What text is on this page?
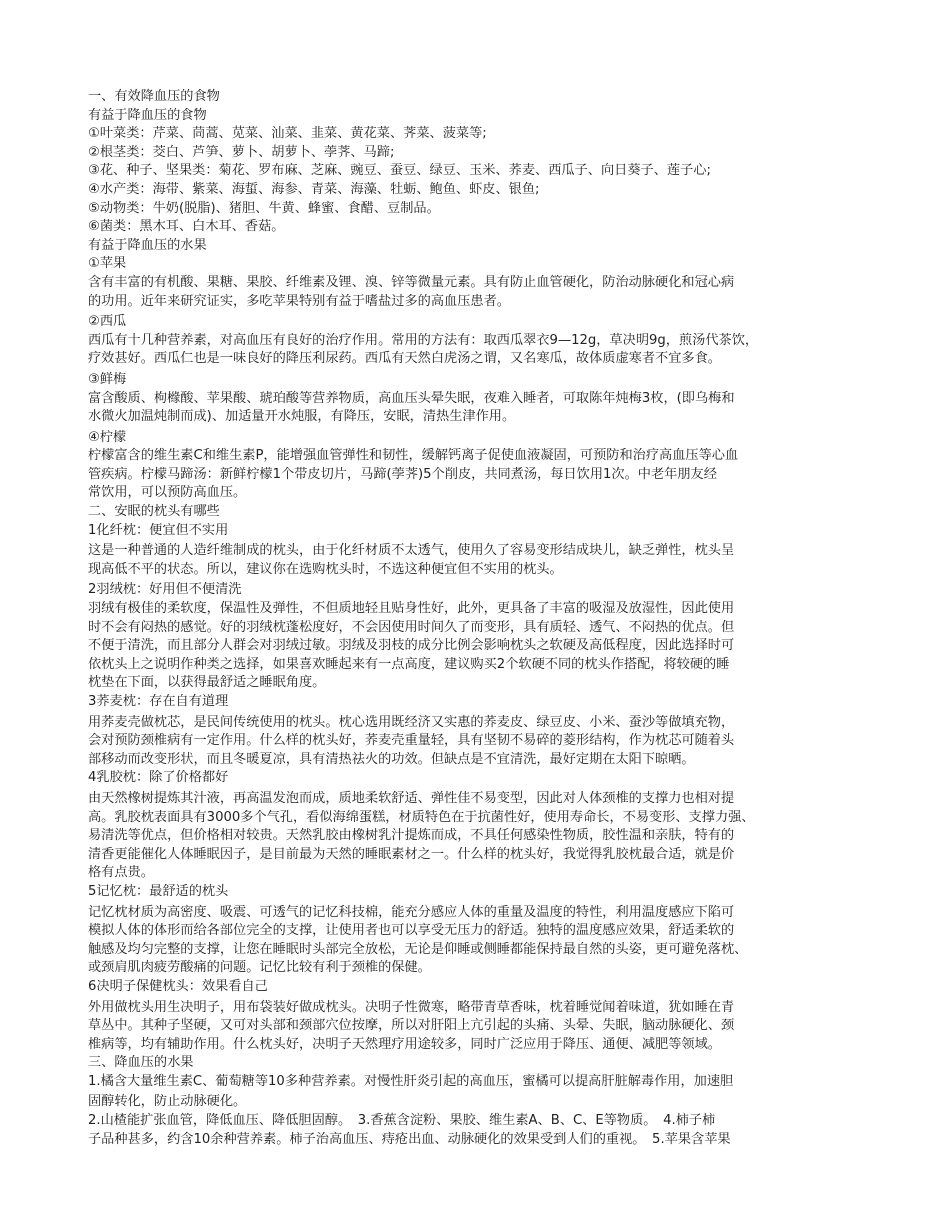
一、有效降血压的食物
有益于降血压的食物
①叶菜类：芹菜、茼蒿、苋菜、汕菜、韭菜、黄花菜、荠菜、菠菜等;
②根茎类：茭白、芦笋、萝卜、胡萝卜、荸荠、马蹄;
③花、种子、坚果类：菊花、罗布麻、芝麻、豌豆、蚕豆、绿豆、玉米、荞麦、西瓜子、向日葵子、莲子心;
④水产类：海带、紫菜、海蜇、海参、青菜、海藻、牡蛎、鲍鱼、虾皮、银鱼;
⑤动物类：牛奶(脱脂)、猪胆、牛黄、蜂蜜、食醋、豆制品。
⑥菌类：黑木耳、白木耳、香菇。
有益于降血压的水果
①苹果
含有丰富的有机酸、果糖、果胶、纤维素及锂、溴、锌等微量元素。具有防止血管硬化，防治动脉硬化和冠心病
的功用。近年来研究证实，多吃苹果特别有益于嗜盐过多的高血压患者。
②西瓜
西瓜有十几种营养素，对高血压有良好的治疗作用。常用的方法有：取西瓜翠衣9—12g，草决明9g，煎汤代茶饮，
疗效甚好。西瓜仁也是一味良好的降压利尿药。西瓜有天然白虎汤之谓，又名寒瓜，故体质虚寒者不宜多食。
③鲜梅
富含酸质、枸橼酸、苹果酸、琥珀酸等营养物质，高血压头晕失眠，夜难入睡者，可取陈年炖梅3枚，(即乌梅和
水微火加温炖制而成)、加适量开水炖服，有降压，安眠，清热生津作用。
④柠檬
柠檬富含的维生素C和维生素P，能增强血管弹性和韧性，缓解钙离子促使血液凝固，可预防和治疗高血压等心血
管疾病。柠檬马蹄汤：新鲜柠檬1个带皮切片，马蹄(荸荠)5个削皮，共同煮汤，每日饮用1次。中老年朋友经
常饮用，可以预防高血压。
二、安眠的枕头有哪些
1化纤枕：便宜但不实用
这是一种普通的人造纤维制成的枕头，由于化纤材质不太透气，使用久了容易变形结成块儿，缺乏弹性，枕头呈
现高低不平的状态。所以，建议你在选购枕头时，不选这种便宜但不实用的枕头。
2羽绒枕：好用但不便清洗
羽绒有极佳的柔软度，保温性及弹性，不但质地轻且贴身性好，此外，更具备了丰富的吸湿及放湿性，因此使用
时不会有闷热的感觉。好的羽绒枕蓬松度好，不会因使用时间久了而变形，具有质轻、透气、不闷热的优点。但
不便于清洗，而且部分人群会对羽绒过敏。羽绒及羽枝的成分比例会影响枕头之软硬及高低程度，因此选择时可
依枕头上之说明作种类之选择，如果喜欢睡起来有一点高度，建议购买2个软硬不同的枕头作搭配，将较硬的睡
枕垫在下面，以获得最舒适之睡眠角度。
3荞麦枕：存在自有道理
用荞麦壳做枕芯，是民间传统使用的枕头。枕心选用既经济又实惠的荞麦皮、绿豆皮、小米、蚕沙等做填充物，
会对预防颈椎病有一定作用。什么样的枕头好，荞麦壳重量轻，具有坚韧不易碎的菱形结构，作为枕芯可随着头
部移动而改变形状，而且冬暖夏凉，具有清热祛火的功效。但缺点是不宜清洗，最好定期在太阳下晾晒。
4乳胶枕：除了价格都好
由天然橡树提炼其汁液，再高温发泡而成，质地柔软舒适、弹性佳不易变型，因此对人体颈椎的支撑力也相对提
高。乳胶枕表面具有3000多个气孔，看似海绵蛋糕，材质特色在于抗菌性好，使用寿命长，不易变形、支撑力强、
易清洗等优点，但价格相对较贵。天然乳胶由橡树乳汁提炼而成，不具任何感染性物质，胶性温和亲肤，特有的
清香更能催化人体睡眠因子，是目前最为天然的睡眠素材之一。什么样的枕头好，我觉得乳胶枕最合适，就是价
格有点贵。
5记忆枕：最舒适的枕头
记忆枕材质为高密度、吸震、可透气的记忆科技棉，能充分感应人体的重量及温度的特性，利用温度感应下陷可
模拟人体的体形而给各部位完全的支撑，让使用者也可以享受无压力的舒适。独特的温度感应效果，舒适柔软的
触感及均匀完整的支撑，让您在睡眠时头部完全放松，无论是仰睡或侧睡都能保持最自然的头姿，更可避免落枕、
或颈肩肌肉疲劳酸痛的问题。记忆比较有利于颈椎的保健。
6决明子保健枕头：效果看自己
外用做枕头用生决明子，用布袋装好做成枕头。决明子性微寒，略带青草香味，枕着睡觉闻着味道，犹如睡在青
草丛中。其种子坚硬，又可对头部和颈部穴位按摩，所以对肝阳上亢引起的头痛、头晕、失眠，脑动脉硬化、颈
椎病等，均有辅助作用。什么枕头好，决明子天然理疗用途较多，同时广泛应用于降压、通便、减肥等领域。
三、降血压的水果
1.橘含大量维生素C、葡萄糖等10多种营养素。对慢性肝炎引起的高血压，蜜橘可以提高肝脏解毒作用，加速胆
固醇转化，防止动脉硬化。
2.山楂能扩张血管，降低血压、降低胆固醇。　3.香蕉含淀粉、果胶、维生素A、B、C、E等物质。　4.柿子柿
子品种甚多，约含10余种营养素。柿子治高血压、痔疮出血、动脉硬化的效果受到人们的重视。　5.苹果含苹果
